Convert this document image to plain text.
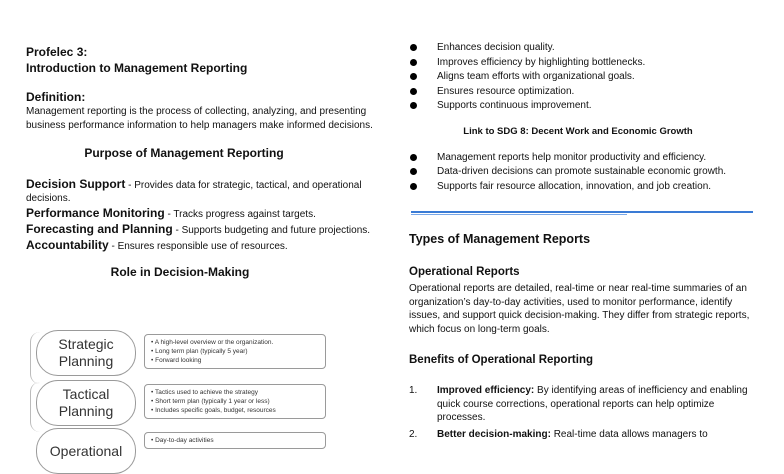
Profelec 3:
Introduction to Management Reporting
Definition:
Management reporting is the process of collecting, analyzing, and presenting business performance information to help managers make informed decisions.
Purpose of Management Reporting
Decision Support - Provides data for strategic, tactical, and operational decisions.
Performance Monitoring - Tracks progress against targets.
Forecasting and Planning - Supports budgeting and future projections.
Accountability - Ensures responsible use of resources.
Role in Decision-Making
Strategic Planning
• A high-level overview or the organization.
• Long term plan (typically 5 year)
• Forward looking
Tactical Planning
• Tactics used to achieve the strategy
• Short term plan (typically 1 year or less)
• Includes specific goals, budget, resources
Operational
• Day-to-day activities
Enhances decision quality.
Improves efficiency by highlighting bottlenecks.
Aligns team efforts with organizational goals.
Ensures resource optimization.
Supports continuous improvement.
Link to SDG 8: Decent Work and Economic Growth
Management reports help monitor productivity and efficiency.
Data-driven decisions can promote sustainable economic growth.
Supports fair resource allocation, innovation, and job creation.
Types of Management Reports
Operational Reports
Operational reports are detailed, real-time or near real-time summaries of an organization’s day-to-day activities, used to monitor performance, identify issues, and support quick decision-making. They differ from strategic reports, which focus on long-term goals.
Benefits of Operational Reporting
1. Improved efficiency: By identifying areas of inefficiency and enabling quick course corrections, operational reports can help optimize processes.
2. Better decision-making: Real-time data allows managers to
